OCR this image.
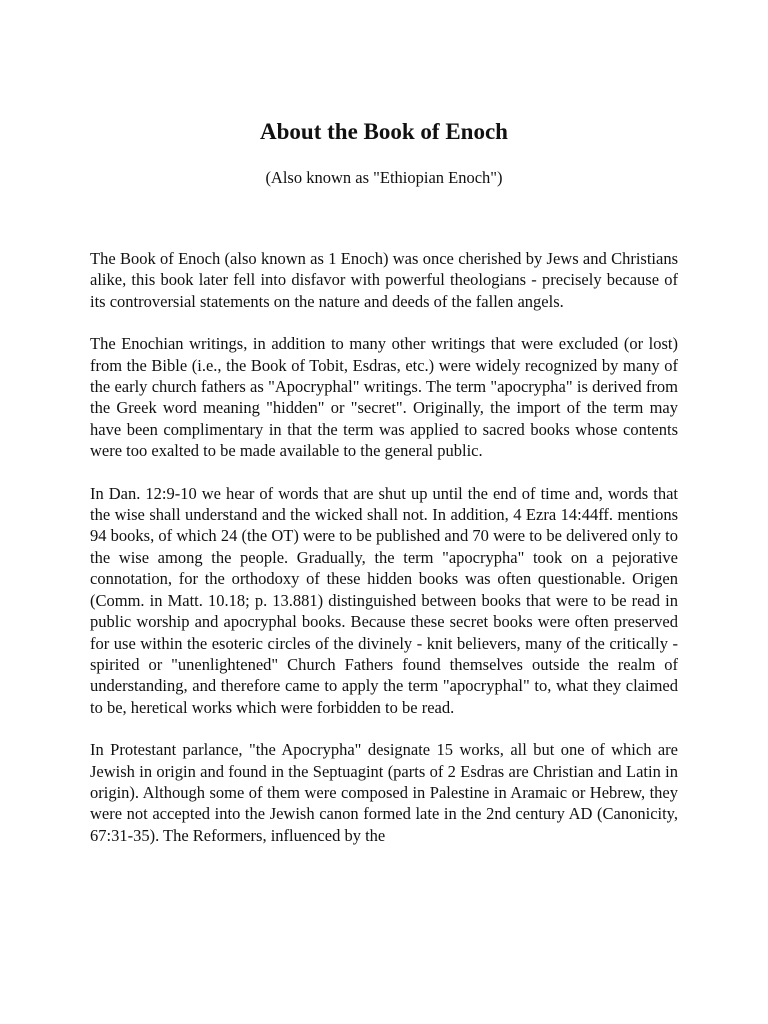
About the Book of Enoch

(Also known as "Ethiopian Enoch")

The Book of Enoch (also known as 1 Enoch) was once cherished by Jews and Christians alike, this book later fell into disfavor with powerful theologians - precisely because of its controversial statements on the nature and deeds of the fallen angels.

The Enochian writings, in addition to many other writings that were excluded (or lost) from the Bible (i.e., the Book of Tobit, Esdras, etc.) were widely recognized by many of the early church fathers as "Apocryphal" writings. The term "apocrypha" is derived from the Greek word meaning "hidden" or "secret". Originally, the import of the term may have been complimentary in that the term was applied to sacred books whose contents were too exalted to be made available to the general public.

In Dan. 12:9-10 we hear of words that are shut up until the end of time and, words that the wise shall understand and the wicked shall not. In addition, 4 Ezra 14:44ff. mentions 94 books, of which 24 (the OT) were to be published and 70 were to be delivered only to the wise among the people. Gradually, the term "apocrypha" took on a pejorative connotation, for the orthodoxy of these hidden books was often questionable. Origen (Comm. in Matt. 10.18; p. 13.881) distinguished between books that were to be read in public worship and apocryphal books. Because these secret books were often preserved for use within the esoteric circles of the divinely - knit believers, many of the critically - spirited or "unenlightened" Church Fathers found themselves outside the realm of understanding, and therefore came to apply the term "apocryphal" to, what they claimed to be, heretical works which were forbidden to be read.

In Protestant parlance, "the Apocrypha" designate 15 works, all but one of which are Jewish in origin and found in the Septuagint (parts of 2 Esdras are Christian and Latin in origin). Although some of them were composed in Palestine in Aramaic or Hebrew, they were not accepted into the Jewish canon formed late in the 2nd century AD (Canonicity, 67:31-35). The Reformers, influenced by the
